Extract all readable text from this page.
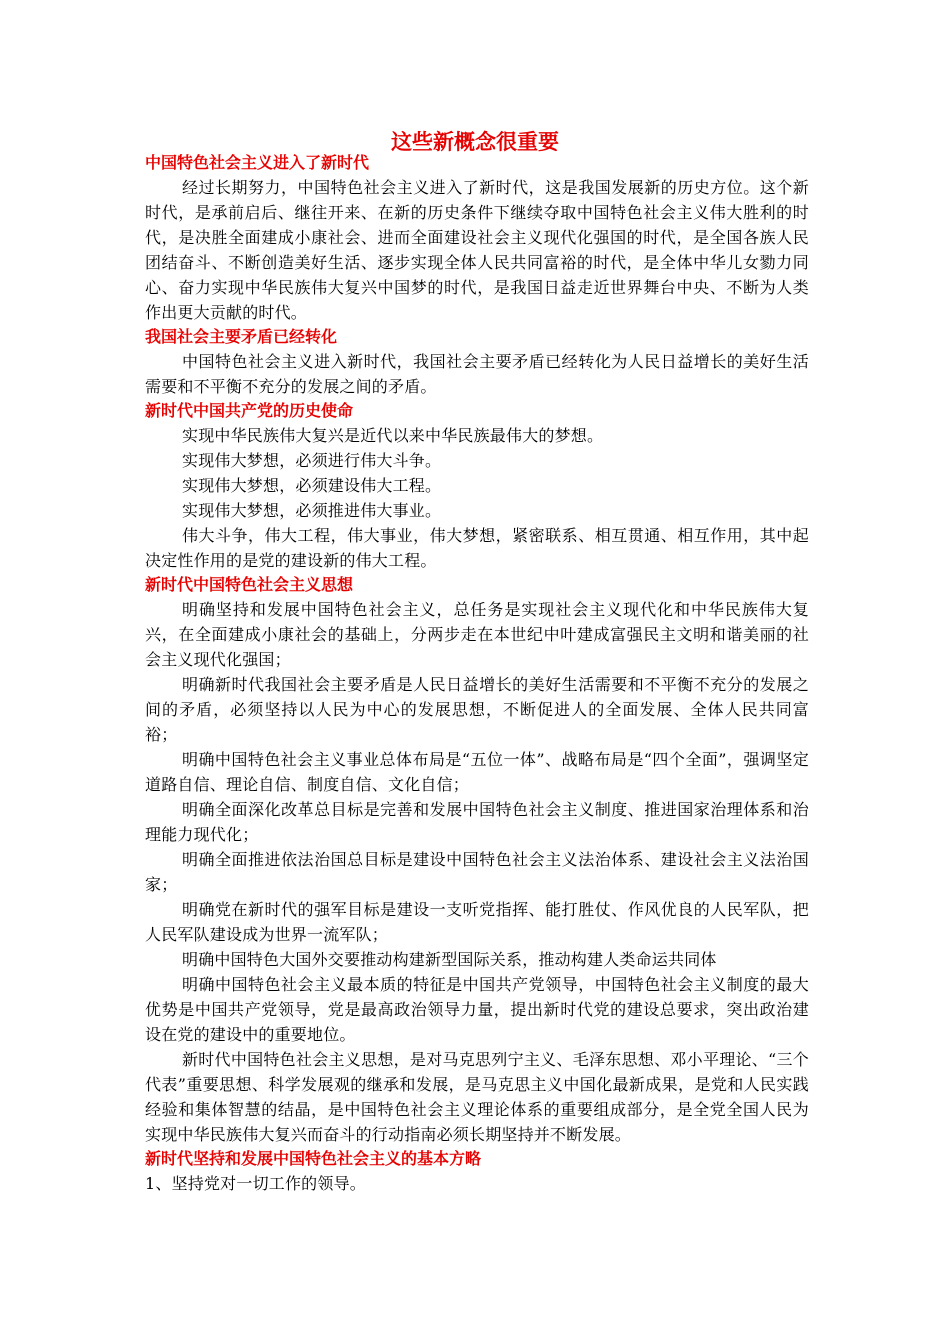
这些新概念很重要
中国特色社会主义进入了新时代

经过长期努力，中国特色社会主义进入了新时代，这是我国发展新的历史方位。这个新时代，是承前启后、继往开来、在新的历史条件下继续夺取中国特色社会主义伟大胜利的时代，是决胜全面建成小康社会、进而全面建设社会主义现代化强国的时代，是全国各族人民团结奋斗、不断创造美好生活、逐步实现全体人民共同富裕的时代，是全体中华儿女勠力同心、奋力实现中华民族伟大复兴中国梦的时代，是我国日益走近世界舞台中央、不断为人类作出更大贡献的时代。

我国社会主要矛盾已经转化

中国特色社会主义进入新时代，我国社会主要矛盾已经转化为人民日益增长的美好生活需要和不平衡不充分的发展之间的矛盾。

新时代中国共产党的历史使命

实现中华民族伟大复兴是近代以来中华民族最伟大的梦想。

实现伟大梦想，必须进行伟大斗争。

实现伟大梦想，必须建设伟大工程。

实现伟大梦想，必须推进伟大事业。

伟大斗争，伟大工程，伟大事业，伟大梦想，紧密联系、相互贯通、相互作用，其中起决定性作用的是党的建设新的伟大工程。

新时代中国特色社会主义思想

明确坚持和发展中国特色社会主义，总任务是实现社会主义现代化和中华民族伟大复兴，在全面建成小康社会的基础上，分两步走在本世纪中叶建成富强民主文明和谐美丽的社会主义现代化强国；

明确新时代我国社会主要矛盾是人民日益增长的美好生活需要和不平衡不充分的发展之间的矛盾，必须坚持以人民为中心的发展思想，不断促进人的全面发展、全体人民共同富裕；

明确中国特色社会主义事业总体布局是“五位一体”、战略布局是“四个全面”，强调坚定道路自信、理论自信、制度自信、文化自信；

明确全面深化改革总目标是完善和发展中国特色社会主义制度、推进国家治理体系和治理能力现代化；

明确全面推进依法治国总目标是建设中国特色社会主义法治体系、建设社会主义法治国家；

明确党在新时代的强军目标是建设一支听党指挥、能打胜仗、作风优良的人民军队，把人民军队建设成为世界一流军队；

明确中国特色大国外交要推动构建新型国际关系，推动构建人类命运共同体

明确中国特色社会主义最本质的特征是中国共产党领导，中国特色社会主义制度的最大优势是中国共产党领导，党是最高政治领导力量，提出新时代党的建设总要求，突出政治建设在党的建设中的重要地位。

新时代中国特色社会主义思想，是对马克思列宁主义、毛泽东思想、邓小平理论、“三个代表”重要思想、科学发展观的继承和发展，是马克思主义中国化最新成果，是党和人民实践经验和集体智慧的结晶，是中国特色社会主义理论体系的重要组成部分，是全党全国人民为实现中华民族伟大复兴而奋斗的行动指南必须长期坚持并不断发展。

新时代坚持和发展中国特色社会主义的基本方略

1、坚持党对一切工作的领导。
